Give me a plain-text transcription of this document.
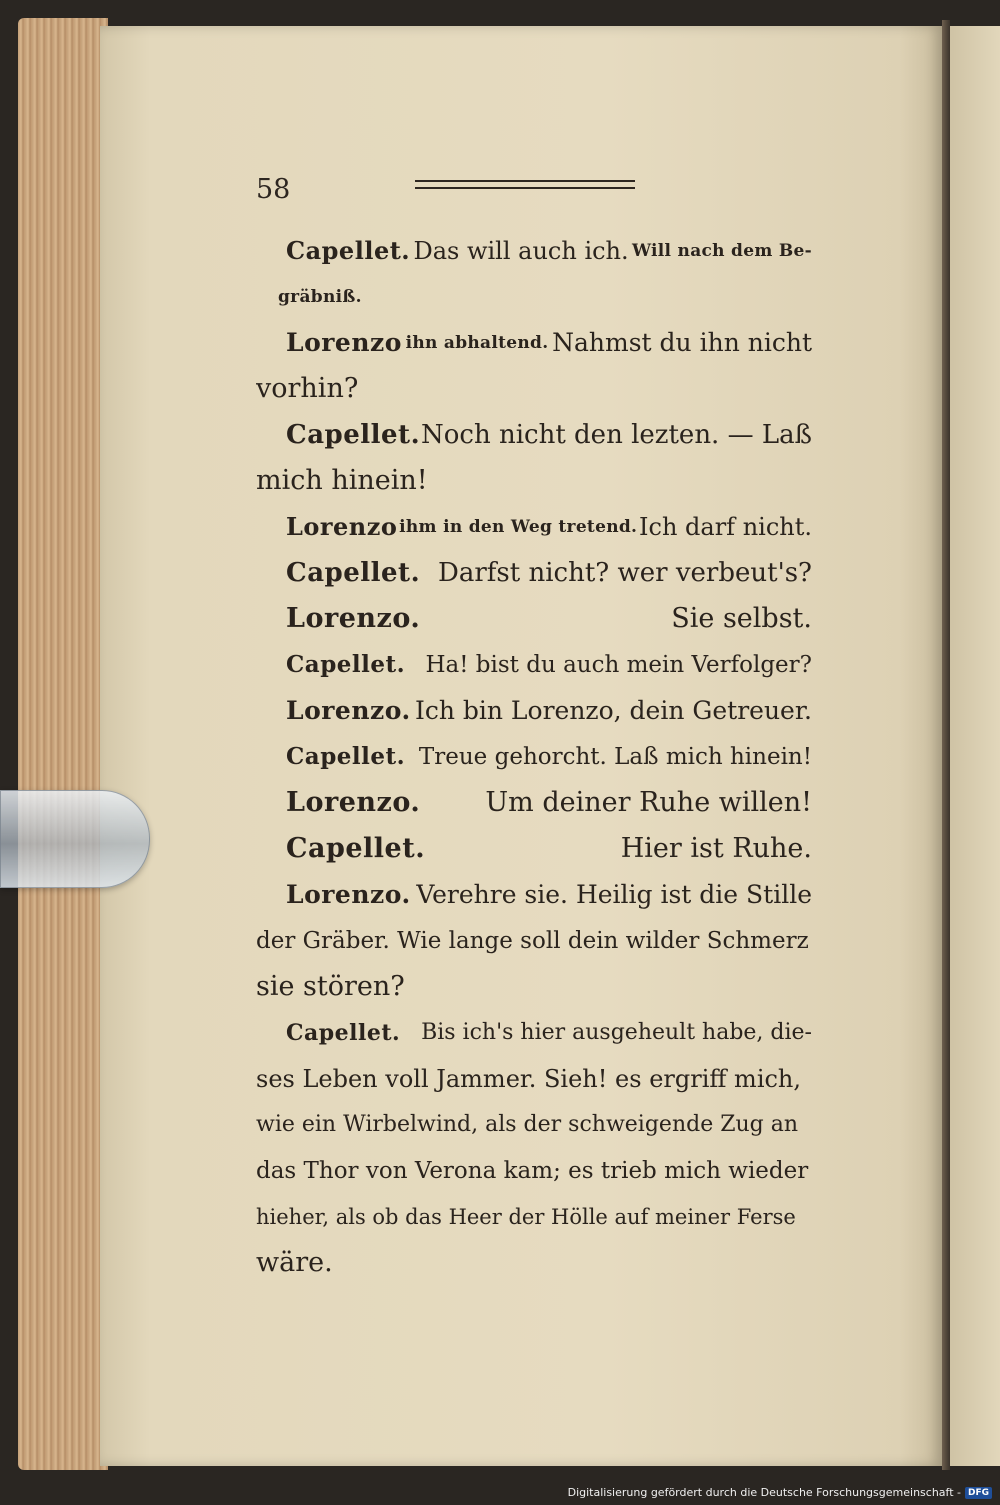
58
Capellet. Das will auch ich. Will nach dem Be-
gräbniß.
Lorenzo ihn abhaltend. Nahmst du ihn nicht
vorhin?
Capellet. Noch nicht den lezten. — Laß
mich hinein!
Lorenzo ihm in den Weg tretend. Ich darf nicht.
Capellet. Darfst nicht? wer verbeut's?
Lorenzo.	Sie selbst.
Capellet. Ha! bist du auch mein Verfolger?
Lorenzo. Ich bin Lorenzo, dein Getreuer.
Capellet. Treue gehorcht. Laß mich hinein!
Lorenzo. Um deiner Ruhe willen!
Capellet.	Hier ist Ruhe.
Lorenzo. Verehre sie. Heilig ist die Stille
der Gräber. Wie lange soll dein wilder Schmerz
sie stören?
Capellet. Bis ich's hier ausgeheult habe, die-
ses Leben voll Jammer. Sieh! es ergriff mich,
wie ein Wirbelwind, als der schweigende Zug an
das Thor von Verona kam; es trieb mich wieder
hieher, als ob das Heer der Hölle auf meiner Ferse
wäre.
Digitalisierung gefördert durch die Deutsche Forschungsgemeinschaft - DFG
